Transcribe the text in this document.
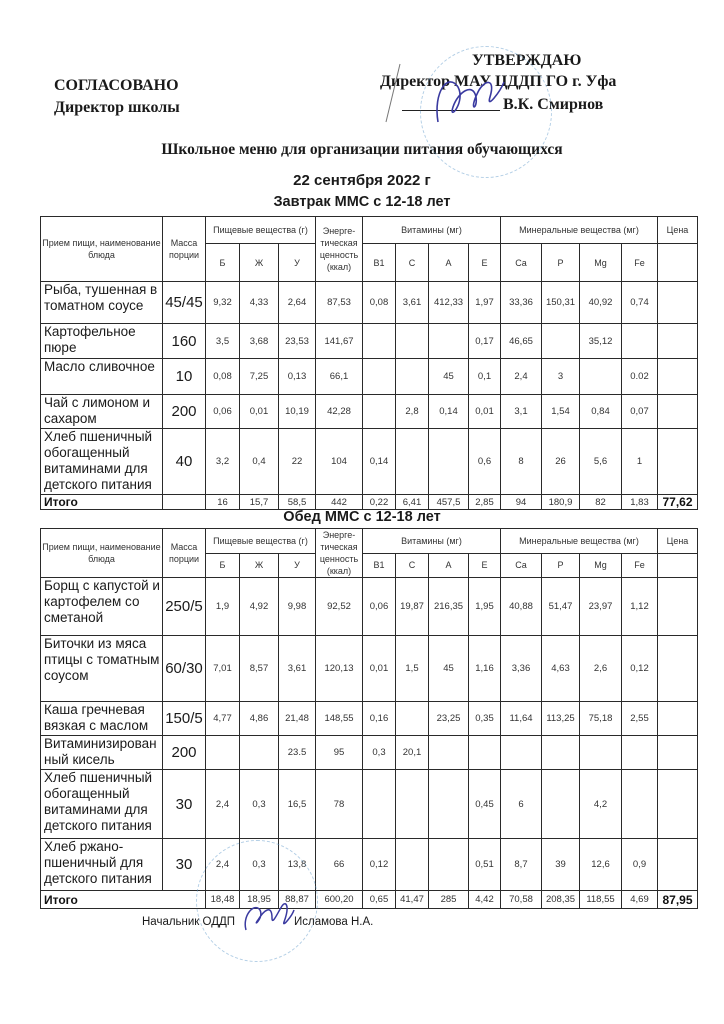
УТВЕРЖДАЮ
Директор МАУ ЦДДП ГО г. Уфа
В.К. Смирнов
СОГЛАСОВАНО
Директор школы
Школьное меню для организации питания обучающихся
22 сентября 2022 г
Завтрак ММС с 12-18 лет
Прием пищи, наименование блюда	Масса порции	Пищевые вещества (г)			Энерге-тическая ценность (ккал)	Витамины (мг)				Минеральные вещества (мг)				Цена
		Б	Ж	У		B1	C	A	E	Ca	P	Mg	Fe	
Рыба, тушенная в томатном соусе	45/45	9,32	4,33	2,64	87,53	0,08	3,61	412,33	1,97	33,36	150,31	40,92	0,74	
Картофельное пюре	160	3,5	3,68	23,53	141,67				0,17	46,65		35,12		
Масло сливочное	10	0,08	7,25	0,13	66,1			45	0,1	2,4	3		0.02	
Чай с лимоном и сахаром	200	0,06	0,01	10,19	42,28		2,8	0,14	0,01	3,1	1,54	0,84	0,07	
Хлеб пшеничный обогащенный витаминами для детского питания	40	3,2	0,4	22	104	0,14			0,6	8	26	5,6	1	
Итого		16	15,7	58,5	442	0,22	6,41	457,5	2,85	94	180,9	82	1,83	77,62
Обед ММС с 12-18 лет
Прием пищи, наименование блюда	Масса порции	Пищевые вещества (г)			Энерге-тическая ценность (ккал)	Витамины (мг)				Минеральные вещества (мг)				Цена
		Б	Ж	У		B1	C	A	E	Ca	P	Mg	Fe	
Борщ с капустой и картофелем со сметаной	250/5	1,9	4,92	9,98	92,52	0,06	19,87	216,35	1,95	40,88	51,47	23,97	1,12	
Биточки из мяса птицы с томатным соусом	60/30	7,01	8,57	3,61	120,13	0,01	1,5	45	1,16	3,36	4,63	2,6	0,12	
Каша гречневая вязкая с маслом	150/5	4,77	4,86	21,48	148,55	0,16		23,25	0,35	11,64	113,25	75,18	2,55	
Витаминизирован ный кисель	200			23.5	95	0,3	20,1							
Хлеб пшеничный обогащенный витаминами для детского питания	30	2,4	0,3	16,5	78				0,45	6		4,2		
Хлеб ржано-пшеничный для детского питания	30	2,4	0,3	13,8	66	0,12			0,51	8,7	39	12,6	0,9	
Итого		18,48	18,95	88,87	600,20	0,65	41,47	285	4,42	70,58	208,35	118,55	4,69	87,95
Начальник ОДДП	Исламова Н.А.
